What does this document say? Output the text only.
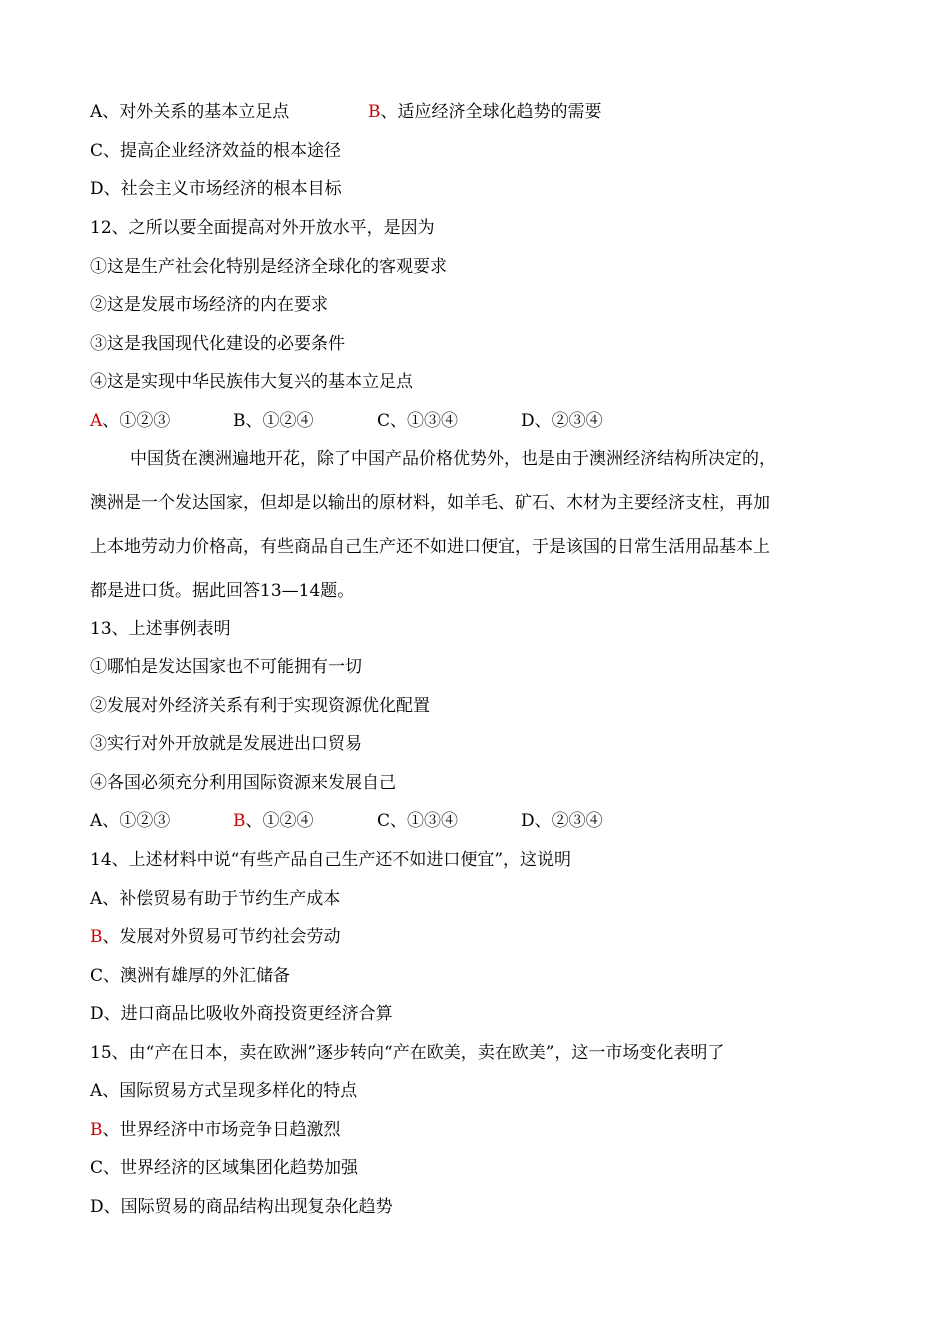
A、对外关系的基本立足点	B、适应经济全球化趋势的需要
C、提高企业经济效益的根本途径
D、社会主义市场经济的根本目标
12、之所以要全面提高对外开放水平，是因为
①这是生产社会化特别是经济全球化的客观要求
②这是发展市场经济的内在要求
③这是我国现代化建设的必要条件
④这是实现中华民族伟大复兴的基本立足点
A、①②③	B、①②④	C、①③④	D、②③④
中国货在澳洲遍地开花，除了中国产品价格优势外，也是由于澳洲经济结构所决定的，
澳洲是一个发达国家，但却是以输出的原材料，如羊毛、矿石、木材为主要经济支柱，再加
上本地劳动力价格高，有些商品自己生产还不如进口便宜，于是该国的日常生活用品基本上
都是进口货。据此回答13—14题。
13、上述事例表明
①哪怕是发达国家也不可能拥有一切
②发展对外经济关系有利于实现资源优化配置
③实行对外开放就是发展进出口贸易
④各国必须充分利用国际资源来发展自己
A、①②③	B、①②④	C、①③④	D、②③④
14、上述材料中说“有些产品自己生产还不如进口便宜”，这说明
A、补偿贸易有助于节约生产成本
B、发展对外贸易可节约社会劳动
C、澳洲有雄厚的外汇储备
D、进口商品比吸收外商投资更经济合算
15、由“产在日本，卖在欧洲”逐步转向“产在欧美，卖在欧美”，这一市场变化表明了
A、国际贸易方式呈现多样化的特点
B、世界经济中市场竞争日趋激烈
C、世界经济的区域集团化趋势加强
D、国际贸易的商品结构出现复杂化趋势
